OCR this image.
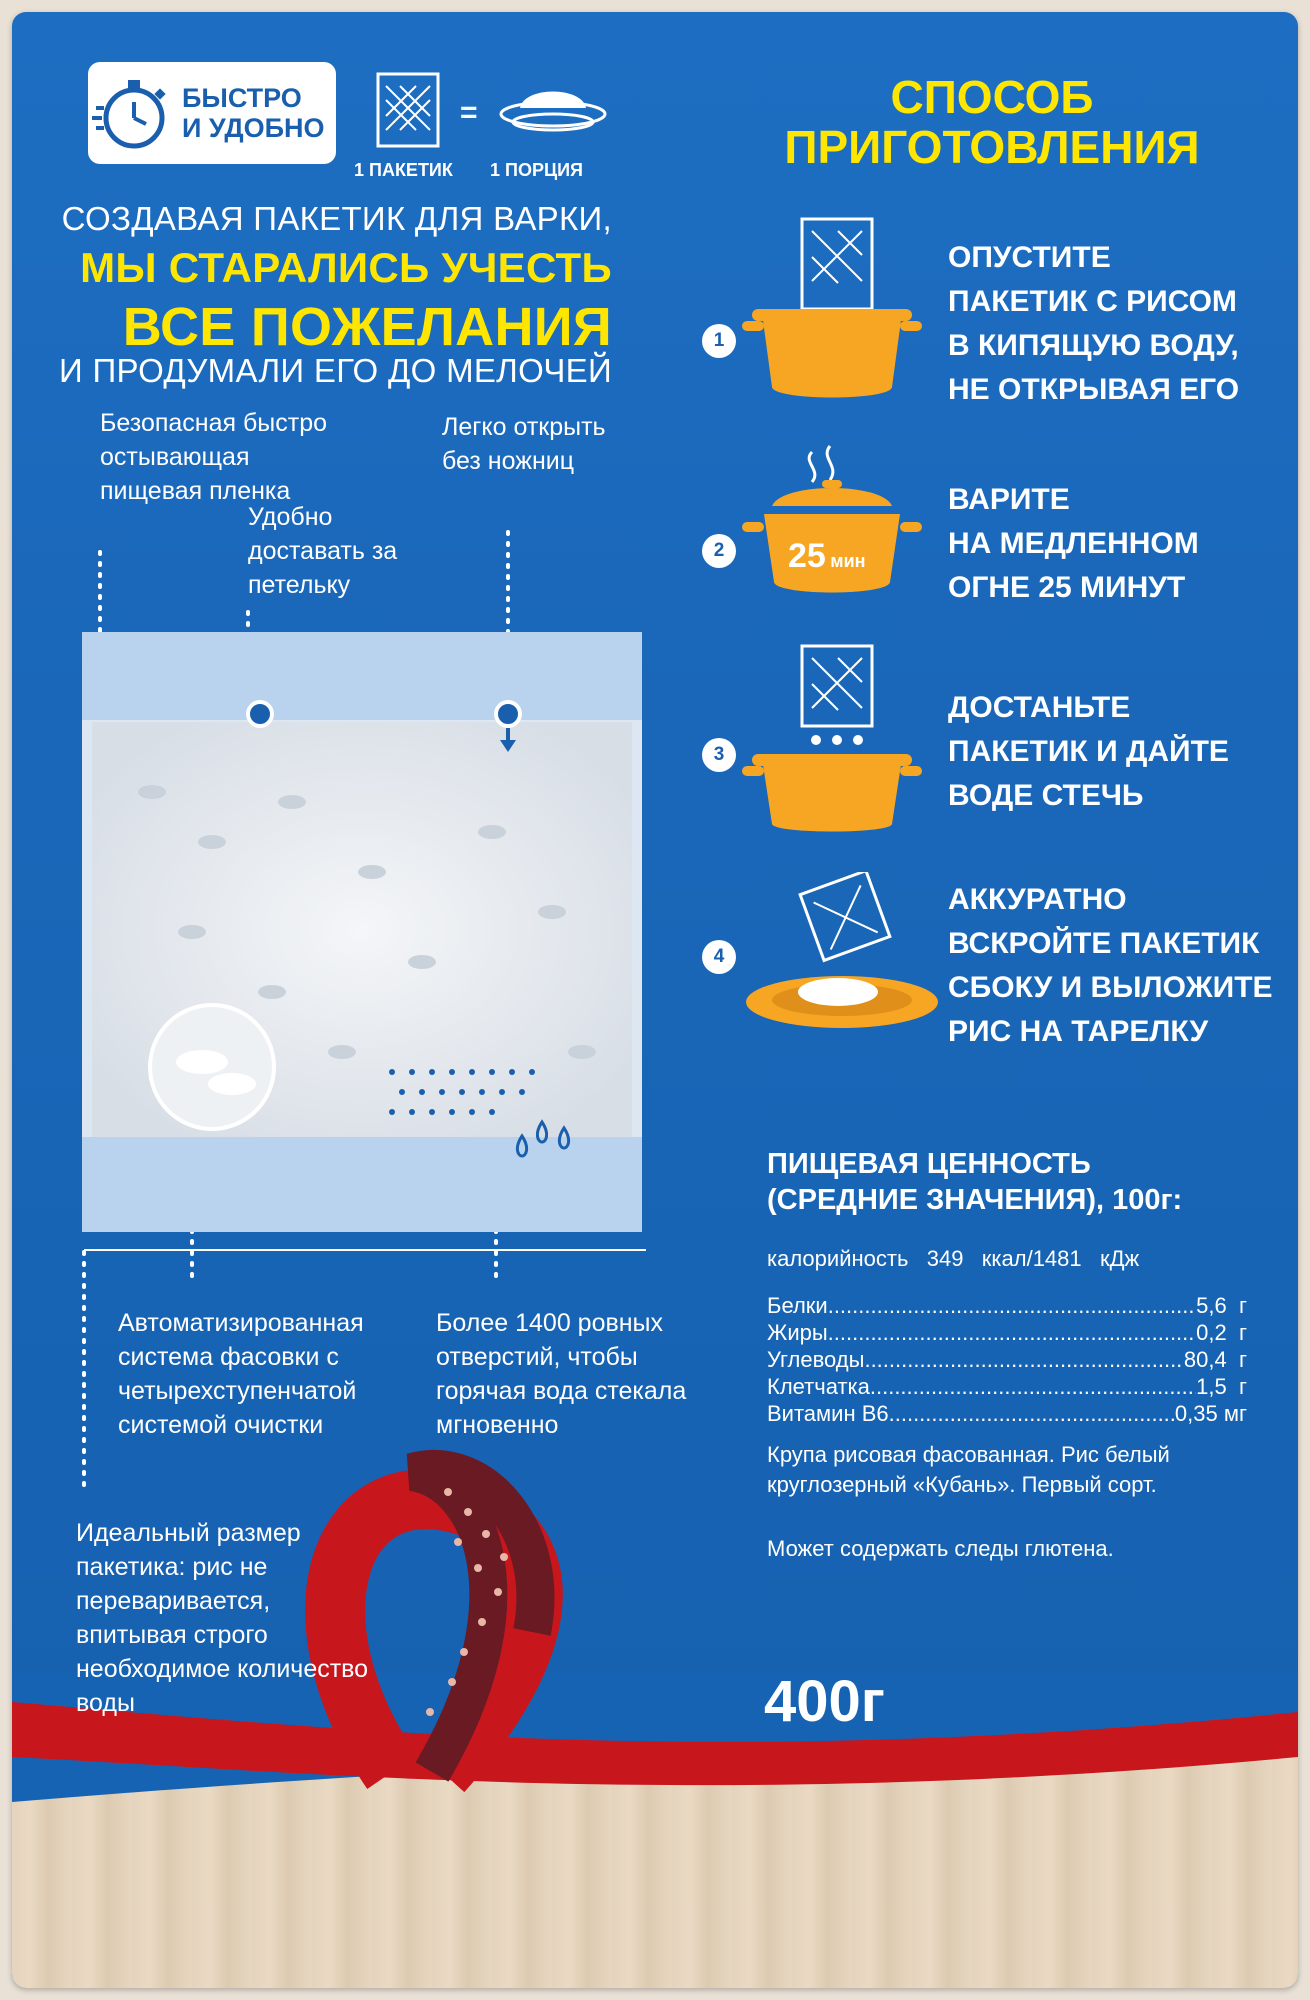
БЫСТРО
И УДОБНО	=
1 ПАКЕТИК 1 ПОРЦИЯ
СОЗДАВАЯ ПАКЕТИК ДЛЯ ВАРКИ,
МЫ СТАРАЛИСЬ УЧЕСТЬ
ВСЕ ПОЖЕЛАНИЯ
И ПРОДУМАЛИ ЕГО ДО МЕЛОЧЕЙ
Безопасная быстро остывающая пищевая пленка
Удобно доставать за петельку
Легко открыть без ножниц
Автоматизированная система фасовки с четырехступенчатой системой очистки
Более 1400 ровных отверстий, чтобы горячая вода стекала мгновенно
Идеальный размер пакетика: рис не переваривается, впитывая строго необходимое количество воды
СПОСОБ
ПРИГОТОВЛЕНИЯ
1
ОПУСТИТЕ
ПАКЕТИК С РИСОМ
В КИПЯЩУЮ ВОДУ,
НЕ ОТКРЫВАЯ ЕГО
2	25 мин
ВАРИТЕ
НА МЕДЛЕННОМ
ОГНЕ 25 МИНУТ
3
ДОСТАНЬТЕ
ПАКЕТИК И ДАЙТЕ
ВОДЕ СТЕЧЬ
4
АККУРАТНО
ВСКРОЙТЕ ПАКЕТИК
СБОКУ И ВЫЛОЖИТЕ
РИС НА ТАРЕЛКУ
ПИЩЕВАЯ ЦЕННОСТЬ
(СРЕДНИЕ ЗНАЧЕНИЯ), 100г:
калорийность   349   ккал/1481   кДж
Белки .....	5,6  г
Жиры .....	0,2  г
Углеводы .....	80,4  г
Клетчатка .....	1,5  г
Витамин В6 .....	0,35 мг
Крупа рисовая фасованная. Рис белый круглозерный «Кубань». Первый сорт.
Может содержать следы глютена.
400г
